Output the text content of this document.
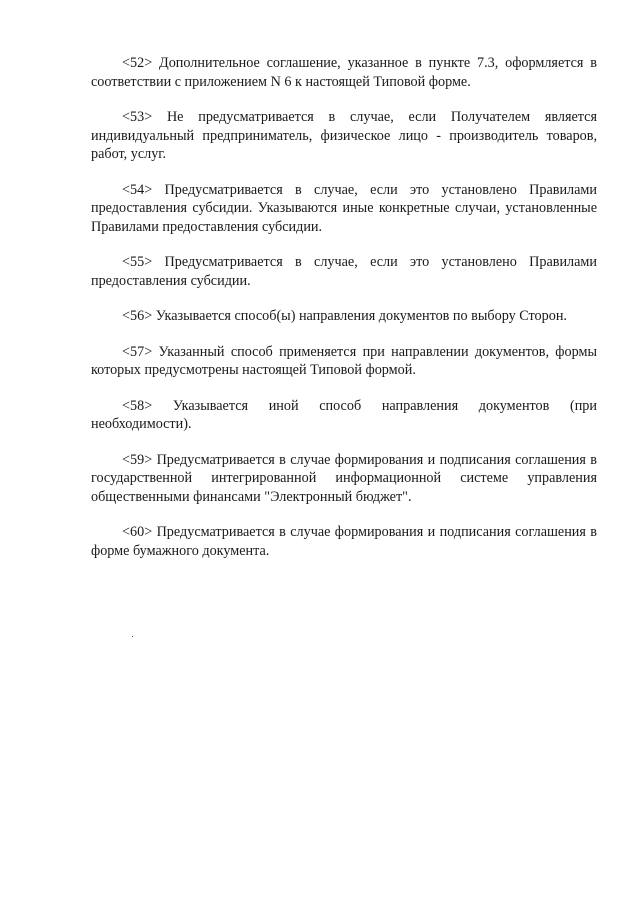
<52> Дополнительное соглашение, указанное в пункте 7.3, оформляется в соответствии с приложением N 6 к настоящей Типовой форме.

<53> Не предусматривается в случае, если Получателем является индивидуальный предприниматель, физическое лицо - производитель товаров, работ, услуг.

<54> Предусматривается в случае, если это установлено Правилами предоставления субсидии. Указываются иные конкретные случаи, установленные Правилами предоставления субсидии.

<55> Предусматривается в случае, если это установлено Правилами предоставления субсидии.

<56> Указывается способ(ы) направления документов по выбору Сторон.

<57> Указанный способ применяется при направлении документов, формы которых предусмотрены настоящей Типовой формой.

<58> Указывается иной способ направления документов (при необходимости).

<59> Предусматривается в случае формирования и подписания соглашения в государственной интегрированной информационной системе управления общественными финансами "Электронный бюджет".

<60> Предусматривается в случае формирования и подписания соглашения в форме бумажного документа.
